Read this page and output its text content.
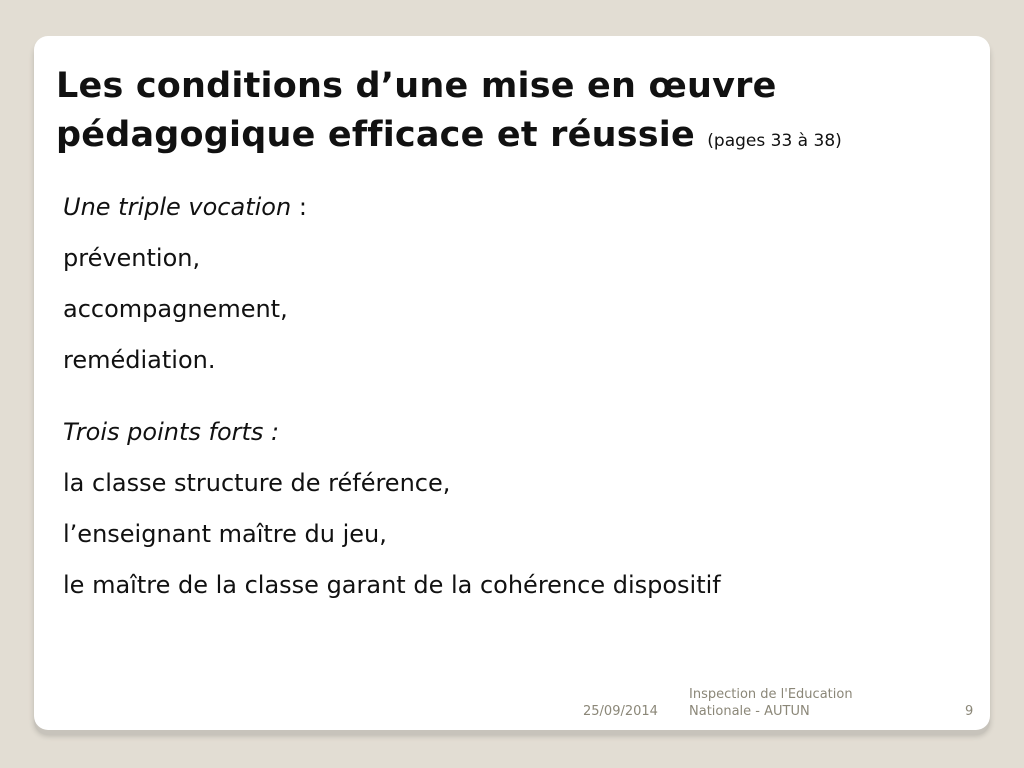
Les conditions d’une mise en œuvre pédagogique efficace et réussie (pages 33 à 38)
Une triple vocation :
prévention,
accompagnement,
remédiation.
Trois points forts :
la classe structure de référence,
l’enseignant maître du jeu,
le maître de la classe garant de la cohérence dispositif
25/09/2014
Inspection de l'Education
Nationale - AUTUN	9
